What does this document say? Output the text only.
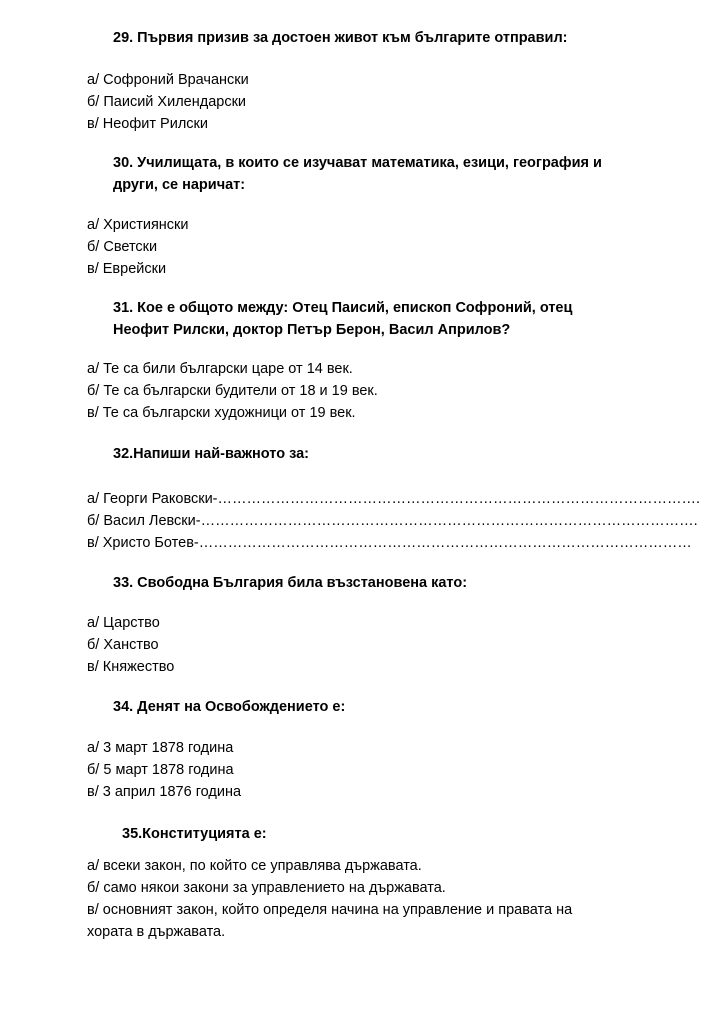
29. Първия призив за достоен живот към българите отправил:
а/ Софроний Врачански
б/ Паисий Хилендарски
в/ Неофит Рилски
30. Училищата, в които се изучават математика, езици, география и
други, се наричат:
а/ Християнски
б/ Светски
в/ Еврейски
31. Кое е общото между: Отец Паисий, епископ Софроний, отец
Неофит Рилски, доктор Петър Берон, Васил Априлов?
а/ Те са били български царе от 14 век.
б/ Те са български будители от 18 и 19 век.
в/ Те са български художници от 19 век.
32.Напиши най-важното за:
а/ Георги Раковски-……………………………………………………………………………………….
б/ Васил Левски-………………………………………………………………………………………….
в/ Христо Ботев-…………………………………………………………………………………………
33. Свободна България била възстановена като:
а/ Царство
б/ Ханство
в/ Княжество
34. Денят на Освобождението е:
а/ 3 март 1878 година
б/ 5 март 1878 година
в/ 3 април 1876 година
35.Конституцията е:
а/ всеки закон, по който се управлява държавата.
б/ само някои закони за управлението на държавата.
в/ основният закон, който определя начина на управление и правата на
хората в държавата.
